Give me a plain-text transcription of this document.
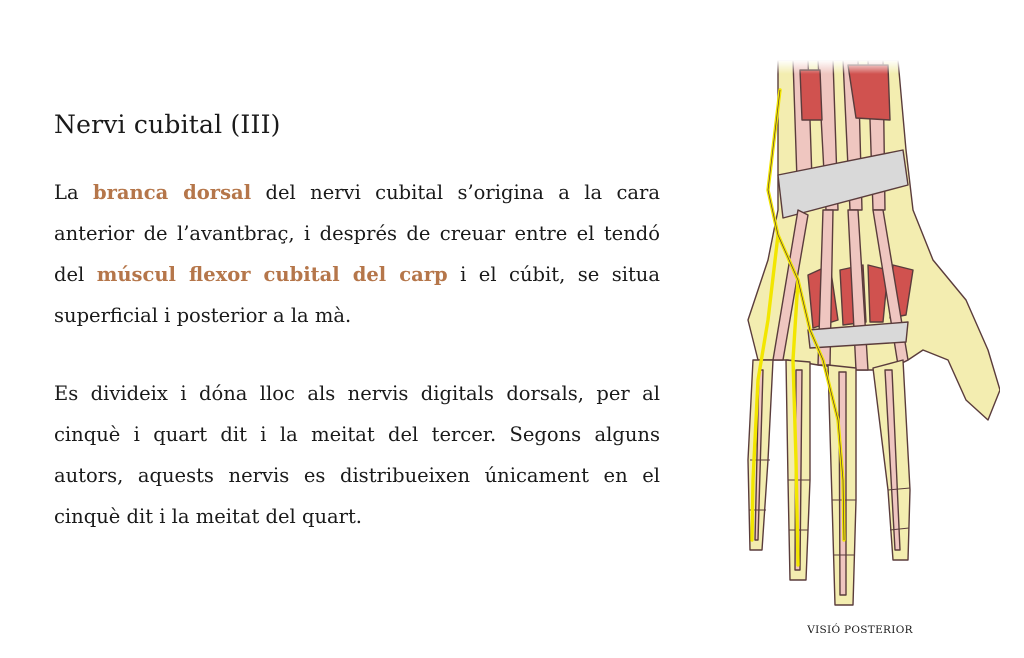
Nervi cubital (III)

La branca dorsal del nervi cubital s’origina a la cara anterior de l’avantbraç, i després de creuar entre el tendó del múscul flexor cubital del carp i el cúbit, se situa superficial i posterior a la mà.

Es divideix i dóna lloc als nervis digitals dorsals, per al cinquè i quart dit i la meitat del tercer. Segons alguns autors, aquests nervis es distribueixen únicament en el cinquè dit i la meitat del quart.

VISIÓ POSTERIOR
